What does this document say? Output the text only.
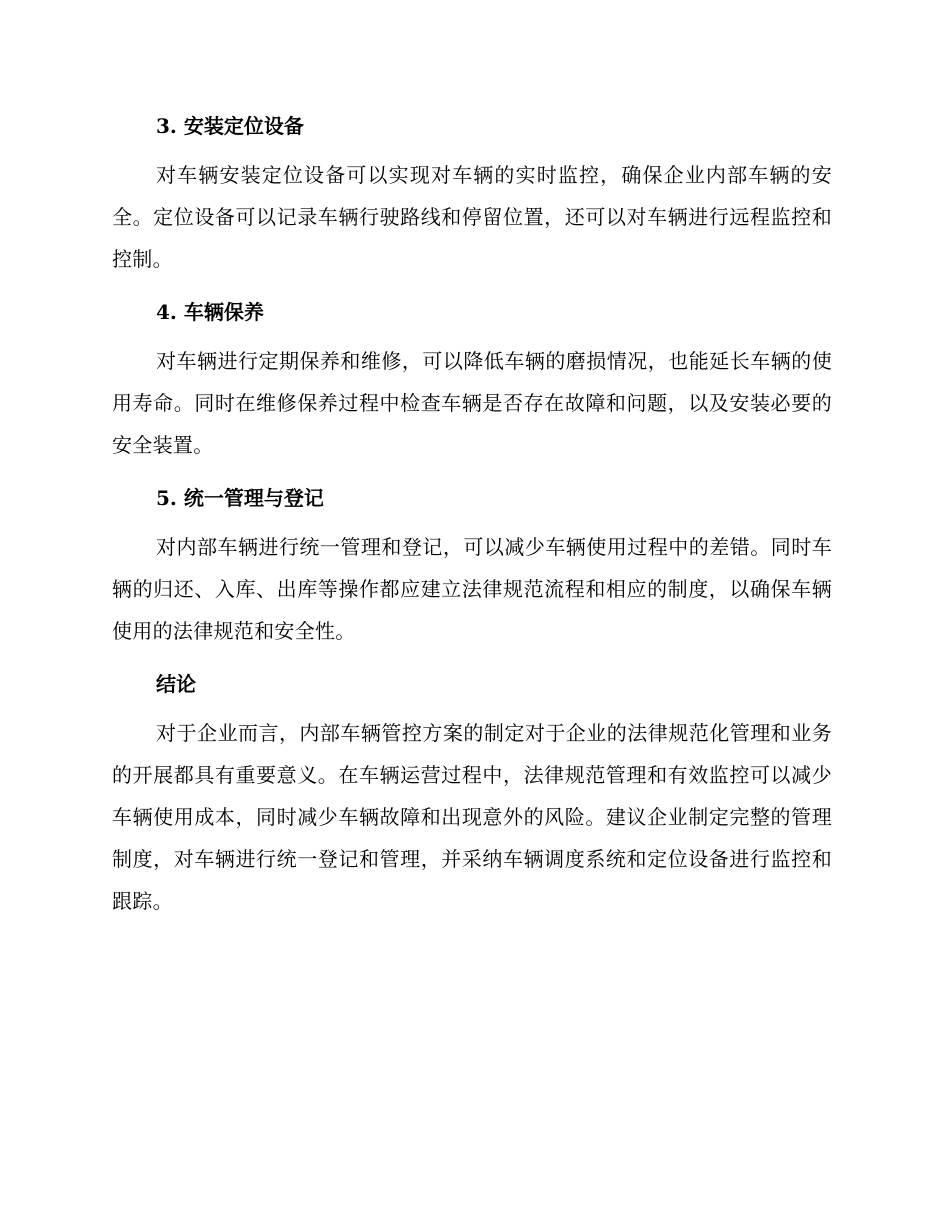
3. 安装定位设备

对车辆安装定位设备可以实现对车辆的实时监控，确保企业内部车辆的安全。定位设备可以记录车辆行驶路线和停留位置，还可以对车辆进行远程监控和控制。

4. 车辆保养

对车辆进行定期保养和维修，可以降低车辆的磨损情况，也能延长车辆的使用寿命。同时在维修保养过程中检查车辆是否存在故障和问题，以及安装必要的安全装置。

5. 统一管理与登记

对内部车辆进行统一管理和登记，可以减少车辆使用过程中的差错。同时车辆的归还、入库、出库等操作都应建立法律规范流程和相应的制度，以确保车辆使用的法律规范和安全性。

结论

对于企业而言，内部车辆管控方案的制定对于企业的法律规范化管理和业务的开展都具有重要意义。在车辆运营过程中，法律规范管理和有效监控可以减少车辆使用成本，同时减少车辆故障和出现意外的风险。建议企业制定完整的管理制度，对车辆进行统一登记和管理，并采纳车辆调度系统和定位设备进行监控和跟踪。
